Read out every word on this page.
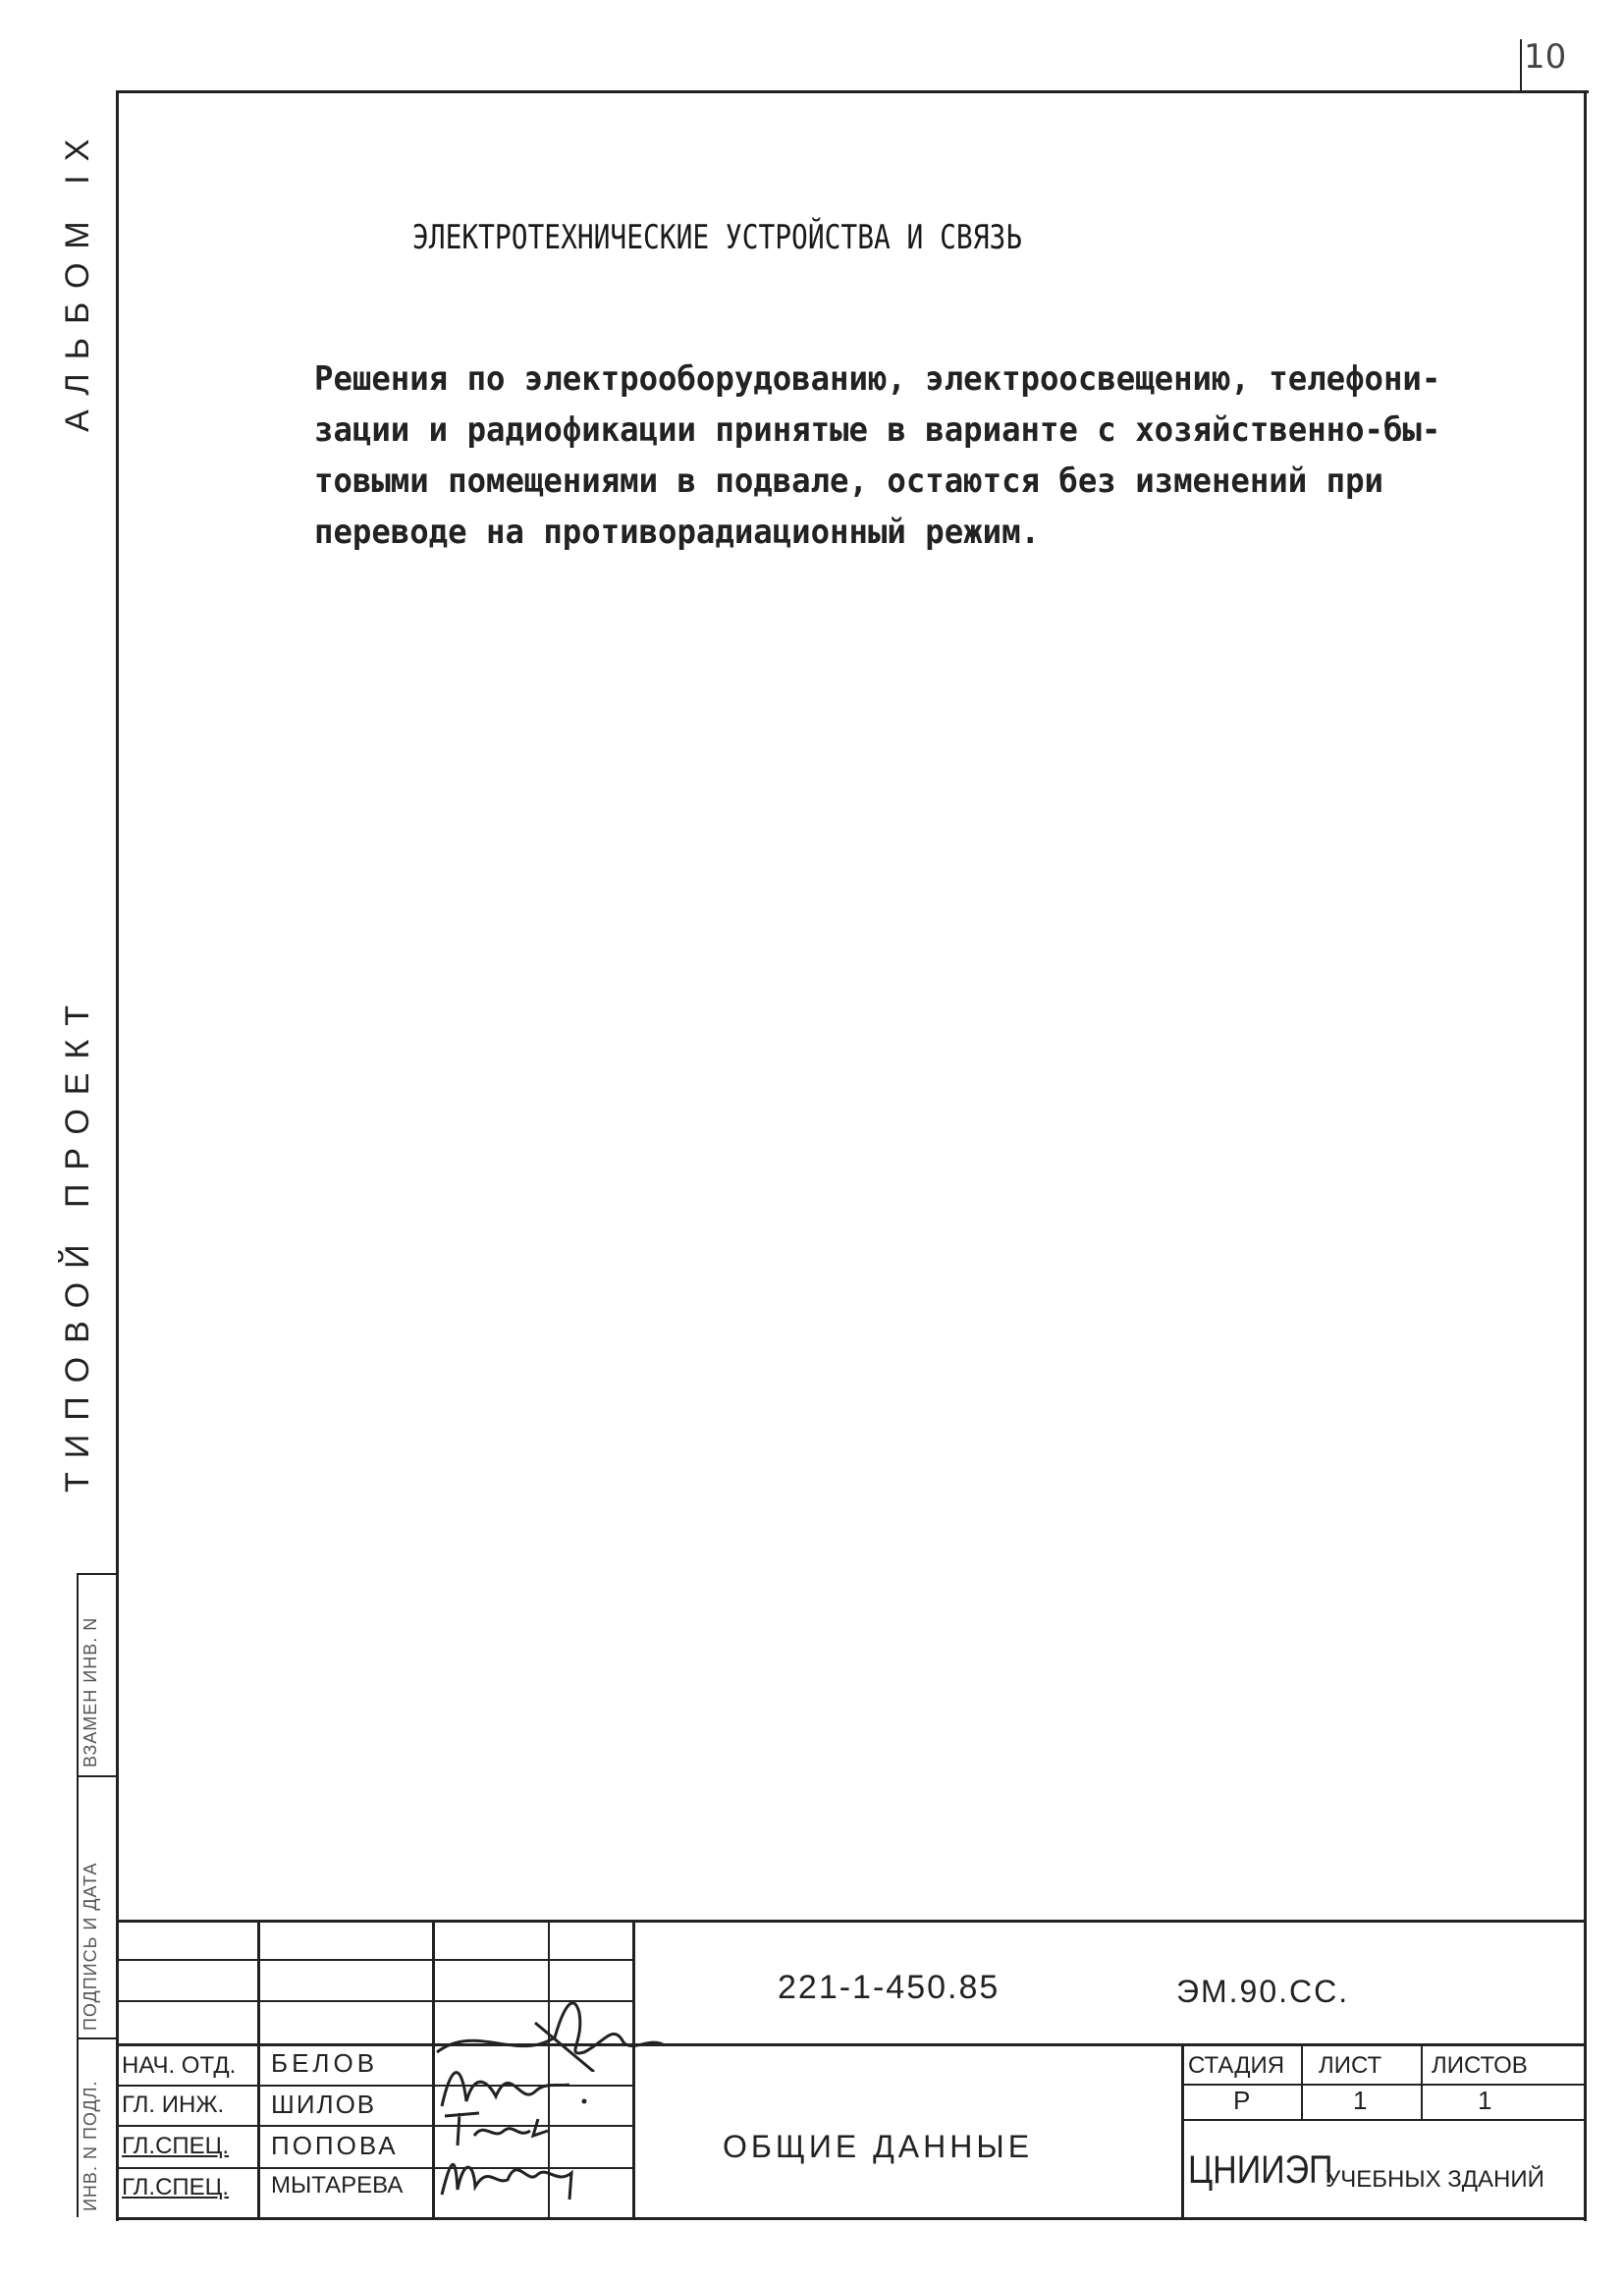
10
АЛЬБОМ IX
ТИПОВОЙ ПРОЕКТ
ВЗАМЕН ИНВ. N
ПОДПИСЬ И ДАТА
ИНВ. N ПОДЛ.
ЭЛЕКТРОТЕХНИЧЕСКИЕ УСТРОЙСТВА И СВЯЗЬ
Решения по электрооборудованию, электроосвещению, телефони-
зации и радиофикации принятые в варианте с хозяйственно-бы-
товыми помещениями в подвале, остаются без изменений при
переводе на противорадиационный режим.
221-1-450.85	ЭМ.90.СС.
НАЧ. ОТД. БЕЛОВ
ГЛ. ИНЖ. ШИЛОВ
ГЛ.СПЕЦ. ПОПОВА
ГЛ.СПЕЦ. МЫТАРЕВА
ОБЩИЕ ДАННЫЕ
СТАДИЯ ЛИСТ ЛИСТОВ
Р	1	1
ЦНИИЭП
УЧЕБНЫХ ЗДАНИЙ
